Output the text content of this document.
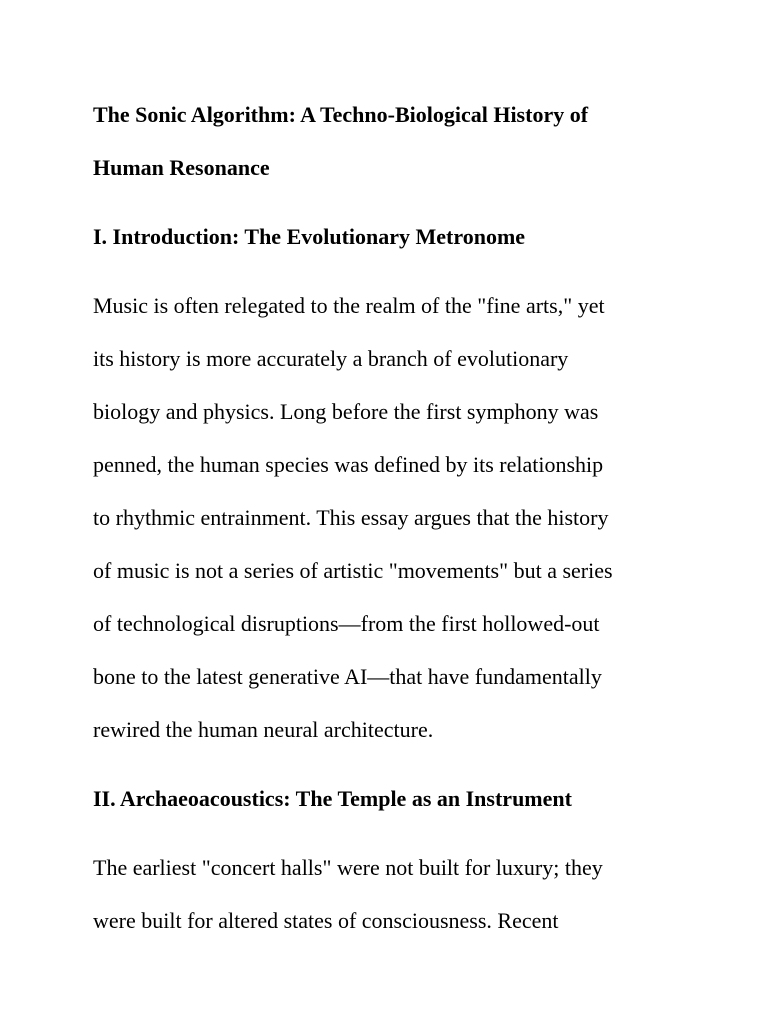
The Sonic Algorithm: A Techno-Biological History of
Human Resonance
I. Introduction: The Evolutionary Metronome

Music is often relegated to the realm of the "fine arts," yet
its history is more accurately a branch of evolutionary
biology and physics. Long before the first symphony was
penned, the human species was defined by its relationship
to rhythmic entrainment. This essay argues that the history
of music is not a series of artistic "movements" but a series
of technological disruptions—from the first hollowed-out
bone to the latest generative AI—that have fundamentally
rewired the human neural architecture.

II. Archaeoacoustics: The Temple as an Instrument

The earliest "concert halls" were not built for luxury; they
were built for altered states of consciousness. Recent
